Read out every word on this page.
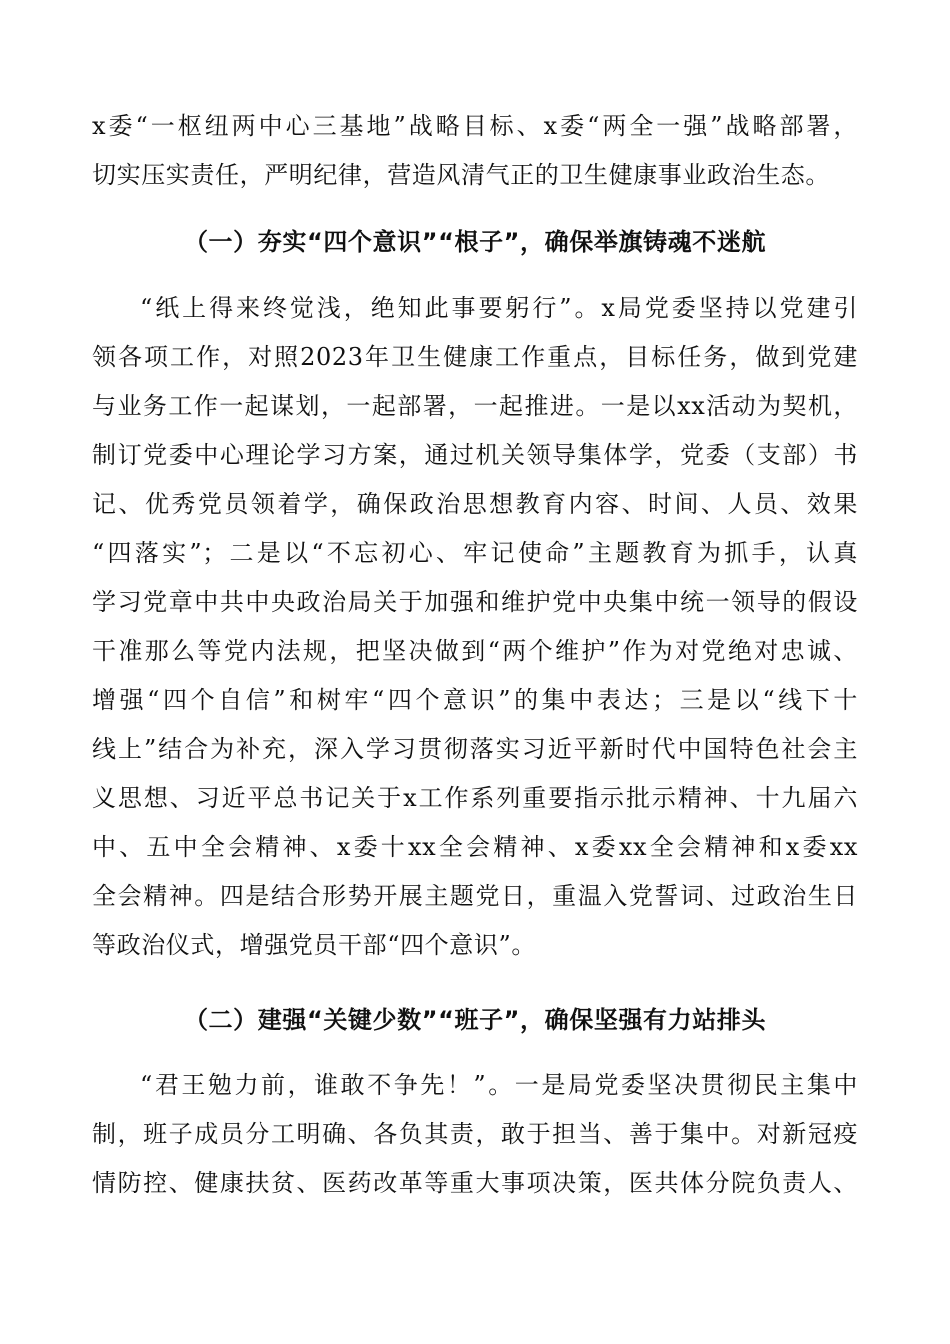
x委“一枢纽两中心三基地”战略目标、x委“两全一强”战略部署，
切实压实责任，严明纪律，营造风清气正的卫生健康事业政治生态。
（一）夯实“四个意识”“根子”，确保举旗铸魂不迷航
“纸上得来终觉浅，绝知此事要躬行”。x局党委坚持以党建引
领各项工作，对照2023年卫生健康工作重点，目标任务，做到党建
与业务工作一起谋划，一起部署，一起推进。一是以xx活动为契机，
制订党委中心理论学习方案，通过机关领导集体学，党委（支部）书
记、优秀党员领着学，确保政治思想教育内容、时间、人员、效果
“四落实”；二是以“不忘初心、牢记使命”主题教育为抓手，认真
学习党章中共中央政治局关于加强和维护党中央集中统一领导的假设
干准那么等党内法规，把坚决做到“两个维护”作为对党绝对忠诚、
增强“四个自信”和树牢“四个意识”的集中表达；三是以“线下十
线上”结合为补充，深入学习贯彻落实习近平新时代中国特色社会主
义思想、习近平总书记关于x工作系列重要指示批示精神、十九届六
中、五中全会精神、x委十xx全会精神、x委xx全会精神和x委xx
全会精神。四是结合形势开展主题党日，重温入党誓词、过政治生日
等政治仪式，增强党员干部“四个意识”。
（二）建强“关键少数”“班子”，确保坚强有力站排头
“君王勉力前，谁敢不争先！”。一是局党委坚决贯彻民主集中
制，班子成员分工明确、各负其责，敢于担当、善于集中。对新冠疫
情防控、健康扶贫、医药改革等重大事项决策，医共体分院负责人、
